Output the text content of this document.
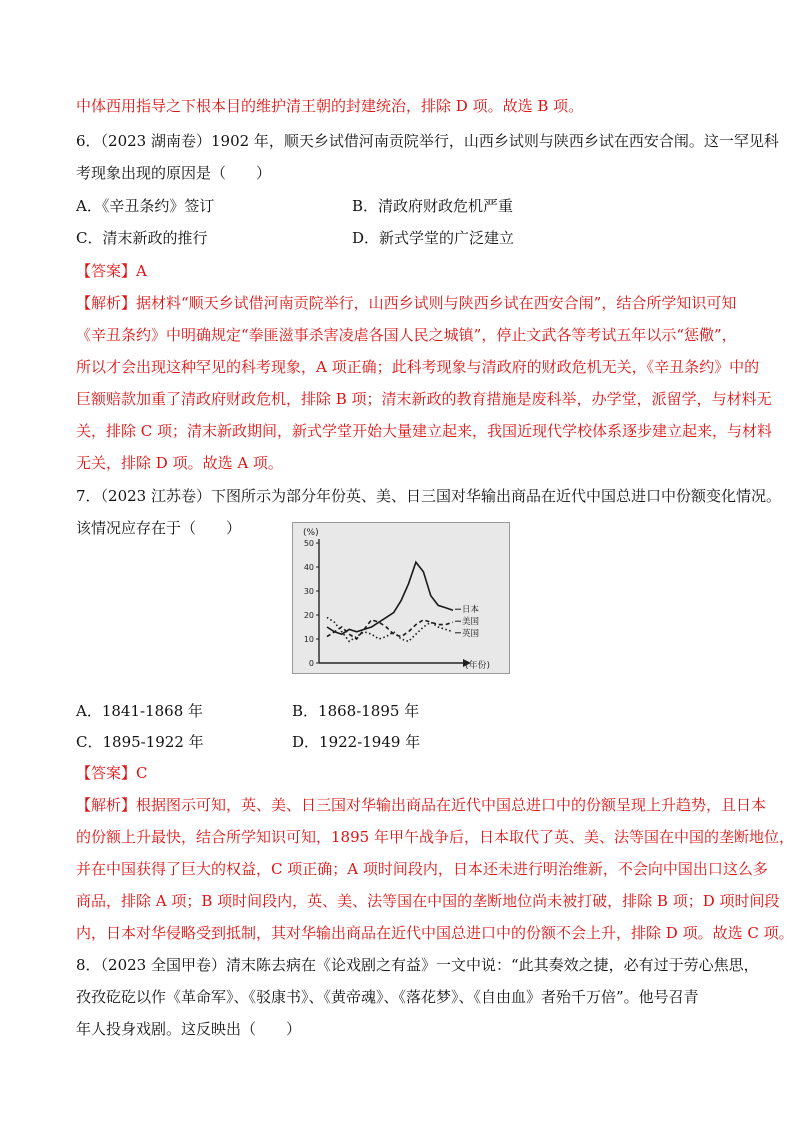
中体西用指导之下根本目的维护清王朝的封建统治，排除 D 项。故选 B 项。
6．（2023 湖南卷）1902 年，顺天乡试借河南贡院举行，山西乡试则与陕西乡试在西安合闱。这一罕见科
考现象出现的原因是（　　）
A．《辛丑条约》签订	B．清政府财政危机严重
C．清末新政的推行	D．新式学堂的广泛建立
【答案】A
【解析】据材料“顺天乡试借河南贡院举行，山西乡试则与陕西乡试在西安合闱”，结合所学知识可知
《辛丑条约》中明确规定“拳匪滋事杀害凌虐各国人民之城镇”，停止文武各等考试五年以示“惩儆”，
所以才会出现这种罕见的科考现象，A 项正确；此科考现象与清政府的财政危机无关，《辛丑条约》中的
巨额赔款加重了清政府财政危机，排除 B 项；清末新政的教育措施是废科举，办学堂，派留学，与材料无
关，排除 C 项；清末新政期间，新式学堂开始大量建立起来，我国近现代学校体系逐步建立起来，与材料
无关，排除 D 项。故选 A 项。
7．（2023 江苏卷）下图所示为部分年份英、美、日三国对华输出商品在近代中国总进口中份额变化情况。
该情况应存在于（　　）	(%)
0
10
20
30
40
50
(年份)
日本
美国
英国
A．1841-1868 年	B．1868-1895 年
C．1895-1922 年	D．1922-1949 年
【答案】C
【解析】根据图示可知，英、美、日三国对华输出商品在近代中国总进口中的份额呈现上升趋势，且日本
的份额上升最快，结合所学知识可知，1895 年甲午战争后，日本取代了英、美、法等国在中国的垄断地位，
并在中国获得了巨大的权益，C 项正确；A 项时间段内，日本还未进行明治维新，不会向中国出口这么多
商品，排除 A 项；B 项时间段内，英、美、法等国在中国的垄断地位尚未被打破，排除 B 项；D 项时间段
内，日本对华侵略受到抵制，其对华输出商品在近代中国总进口中的份额不会上升，排除 D 项。故选 C 项。
8．（2023 全国甲卷）清末陈去病在《论戏剧之有益》一文中说：“此其奏效之捷，必有过于劳心焦思，
孜孜矻矻以作《革命军》、《驳康书》、《黄帝魂》、《落花梦》、《自由血》者殆千万倍”。他号召青
年人投身戏剧。这反映出（　　）
